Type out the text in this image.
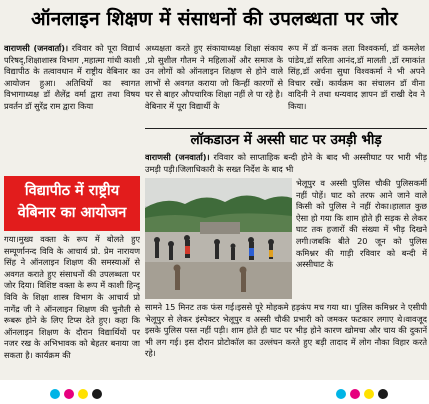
ऑनलाइन शिक्षण में संसाधनों की उपलब्धता पर जोर

वाराणसी (जनवार्ता)। रविवार को पूरा विद्यार्थ परिषद्,शिक्षाशास्त्र विभाग ,महात्मा गांधी काशी विद्यापीठ के तत्वावधान में राष्ट्रीय वेबिनार का आयोजन हुआ। अतिथियों का स्वागत विभागाध्यक्ष डॉ शैलेंद्र वर्मा द्वारा तथा विषय प्रवर्तन डॉ सुरेंद्र राम द्वारा किया

अध्यक्षता करते हुए संकायाध्यक्ष शिक्षा संकाय ,प्रो सुशील गौतम ने महिलाओं और समाज के उन लोगों को ऑनलाइन शिक्षण से होने वाले लाभों से अवगत कराया जो किन्हीं कारणों से घर से बाहर औपचारिक शिक्षा नहीं ले पा रहे है। वेबिनार में पूरा विद्यार्थी के

रूप में डॉ कनक लता विश्वकर्मा, डॉ कमलेश पांडेय,डॉ सरिता आनंद,डॉ मालती ,डॉ रमाकांत सिंह,डॉ अर्चना सुधा विश्वकर्मा ने भी अपने विचार रखें। कार्यक्रम का संचालन डॉ वीना वादिनी ने तथा धन्यवाद ज्ञापन डॉ राखी देव ने किया।

विद्यापीठ में राष्ट्रीय वेबिनार का आयोजन

गया।मुख्य वक्ता के रूप में बोलते हुए सम्पूर्णानन्द विवि के आचार्य प्रो. प्रेम नारायण सिंह ने ऑनलाइन शिक्षण की समस्याओं से अवगत कराते हुए संसाधनों की उपलब्धता पर जोर दिया। विशिष्ट वक्ता के रूप में काशी हिन्दू विवि के शिक्षा शास्त्र विभाग के आचार्य प्रो नागेंद्र जी ने ऑनलाइन शिक्षण की चुनौती से रूबरू होने के लिए टिप्स देते हुए। कहा कि ऑनलाइन शिक्षण के दौरान विद्यार्थियों पर नजर रख के अभिभावक को बेहतर बनाया जा सकता है। कार्यक्रम की

लॉकडाउन में अस्सी घाट पर उमड़ी भीड़

वाराणसी (जनवार्ता)। रविवार को साप्ताहिक बन्दी होने के बाद भी अस्सीघाट पर भारी भीड़ उमड़ी पड़ी।जिलाधिकारी के सख्त निर्देश के बाद भी

भेलूपुर व अस्सी पुलिस चौकी पुलिसकर्मी नहीं पोहें। घाट को तरफ आने जाने वाले किसी को पुलिस ने नहीं रोका।हालात कुछ ऐसा हो गया कि शाम होते ही सड़क से लेकर घाट तक हजारों की संख्या में भीड़ दिखने लगी।जबकि बीते 20 जून को पुलिस कमिश्नर की गाड़ी रविवार को बन्दी में अस्सीघाट के

सामने 15 मिनट तक फंस गई।इससे पूरे मोहकमे हड़कंप मच गया था। पुलिस कमिश्नर ने एसीपी भेलूपुर से लेकर इंस्पेक्टर भेलूपुर व अस्सी चौकी प्रभारी को जमकर फटकार लगाए थे।वावजूद इसके पुलिस पस्त नहीं पड़ी। शाम होते ही घाट पर भीड़ होने कारण खोमचा और चाय की दुकानें भी लग गई। इस दौरान प्रोटोकॉल का उल्लंघन करते हुए बड़ी तादाद में लोग नौका विहार करते रहे।
